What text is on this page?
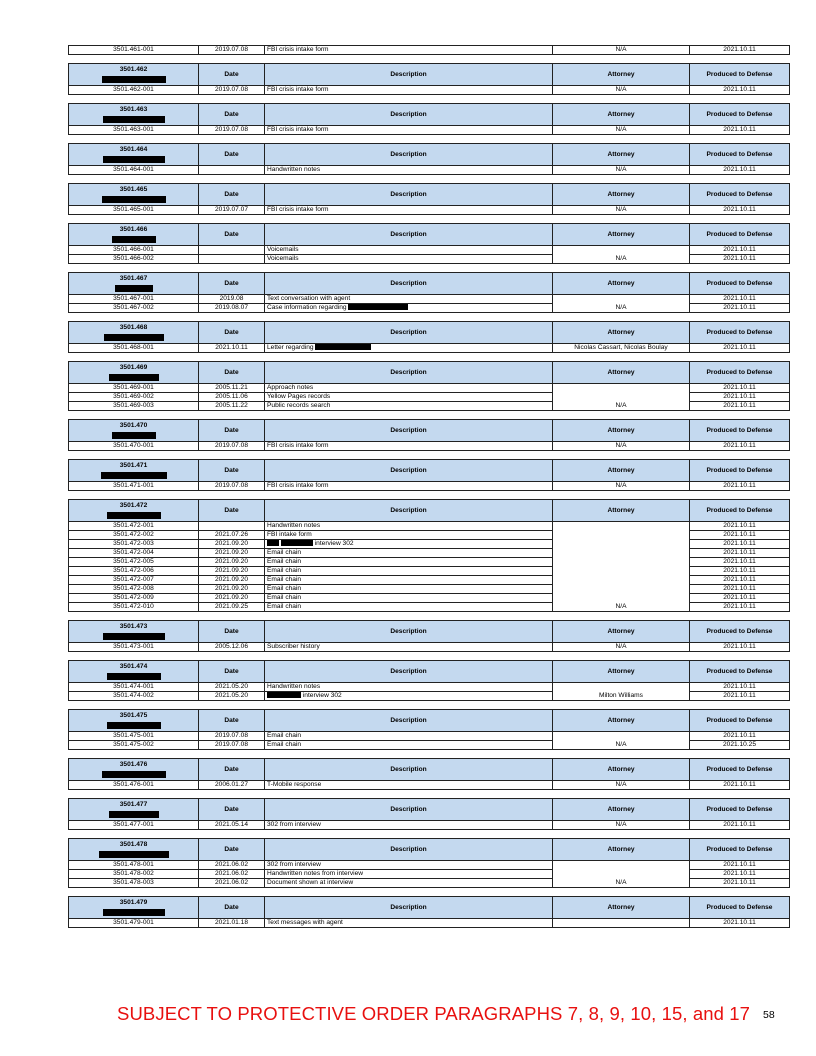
3501.461-001	2019.07.08	FBI crisis intake form	N/A	2021.10.11
3501.462	Date	Description	Attorney	Produced to Defense
3501.462-001	2019.07.08	FBI crisis intake form	N/A	2021.10.11
3501.463	Date	Description	Attorney	Produced to Defense
3501.463-001	2019.07.08	FBI crisis intake form	N/A	2021.10.11
3501.464	Date	Description	Attorney	Produced to Defense
3501.464-001		Handwritten notes	N/A	2021.10.11
3501.465	Date	Description	Attorney	Produced to Defense
3501.465-001	2019.07.07	FBI crisis intake form	N/A	2021.10.11
3501.466	Date	Description	Attorney	Produced to Defense
3501.466-001		Voicemails		2021.10.11
3501.466-002		Voicemails	N/A	2021.10.11
3501.467	Date	Description	Attorney	Produced to Defense
3501.467-001	2019.08	Text conversation with agent		2021.10.11
3501.467-002	2019.08.07	Case information regarding	N/A	2021.10.11
3501.468	Date	Description	Attorney	Produced to Defense
3501.468-001	2021.10.11	Letter regarding	Nicolas Cassart, Nicolas Boulay	2021.10.11
3501.469	Date	Description	Attorney	Produced to Defense
3501.469-001	2005.11.21	Approach notes		2021.10.11
3501.469-002	2005.11.06	Yellow Pages records		2021.10.11
3501.469-003	2005.11.22	Public records search	N/A	2021.10.11
3501.470	Date	Description	Attorney	Produced to Defense
3501.470-001	2019.07.08	FBI crisis intake form	N/A	2021.10.11
3501.471	Date	Description	Attorney	Produced to Defense
3501.471-001	2019.07.08	FBI crisis intake form	N/A	2021.10.11
3501.472	Date	Description	Attorney	Produced to Defense
3501.472-001		Handwritten notes		2021.10.11
3501.472-002	2021.07.26	FBI intake form		2021.10.11
3501.472-003	2021.09.20	interview 302		2021.10.11
3501.472-004	2021.09.20	Email chain		2021.10.11
3501.472-005	2021.09.20	Email chain		2021.10.11
3501.472-006	2021.09.20	Email chain		2021.10.11
3501.472-007	2021.09.20	Email chain		2021.10.11
3501.472-008	2021.09.20	Email chain		2021.10.11
3501.472-009	2021.09.20	Email chain		2021.10.11
3501.472-010	2021.09.25	Email chain	N/A	2021.10.11
3501.473	Date	Description	Attorney	Produced to Defense
3501.473-001	2005.12.06	Subscriber history	N/A	2021.10.11
3501.474	Date	Description	Attorney	Produced to Defense
3501.474-001	2021.05.20	Handwritten notes		2021.10.11
3501.474-002	2021.05.20	interview 302	Milton Williams	2021.10.11
3501.475	Date	Description	Attorney	Produced to Defense
3501.475-001	2019.07.08	Email chain		2021.10.11
3501.475-002	2019.07.08	Email chain	N/A	2021.10.25
3501.476	Date	Description	Attorney	Produced to Defense
3501.476-001	2006.01.27	T-Mobile response	N/A	2021.10.11
3501.477	Date	Description	Attorney	Produced to Defense
3501.477-001	2021.05.14	302 from interview	N/A	2021.10.11
3501.478	Date	Description	Attorney	Produced to Defense
3501.478-001	2021.06.02	302 from interview		2021.10.11
3501.478-002	2021.06.02	Handwritten notes from interview		2021.10.11
3501.478-003	2021.06.02	Document shown at interview	N/A	2021.10.11
3501.479	Date	Description	Attorney	Produced to Defense
3501.479-001	2021.01.18	Text messages with agent		2021.10.11
SUBJECT TO PROTECTIVE ORDER PARAGRAPHS 7, 8, 9, 10, 15, and 17 58
